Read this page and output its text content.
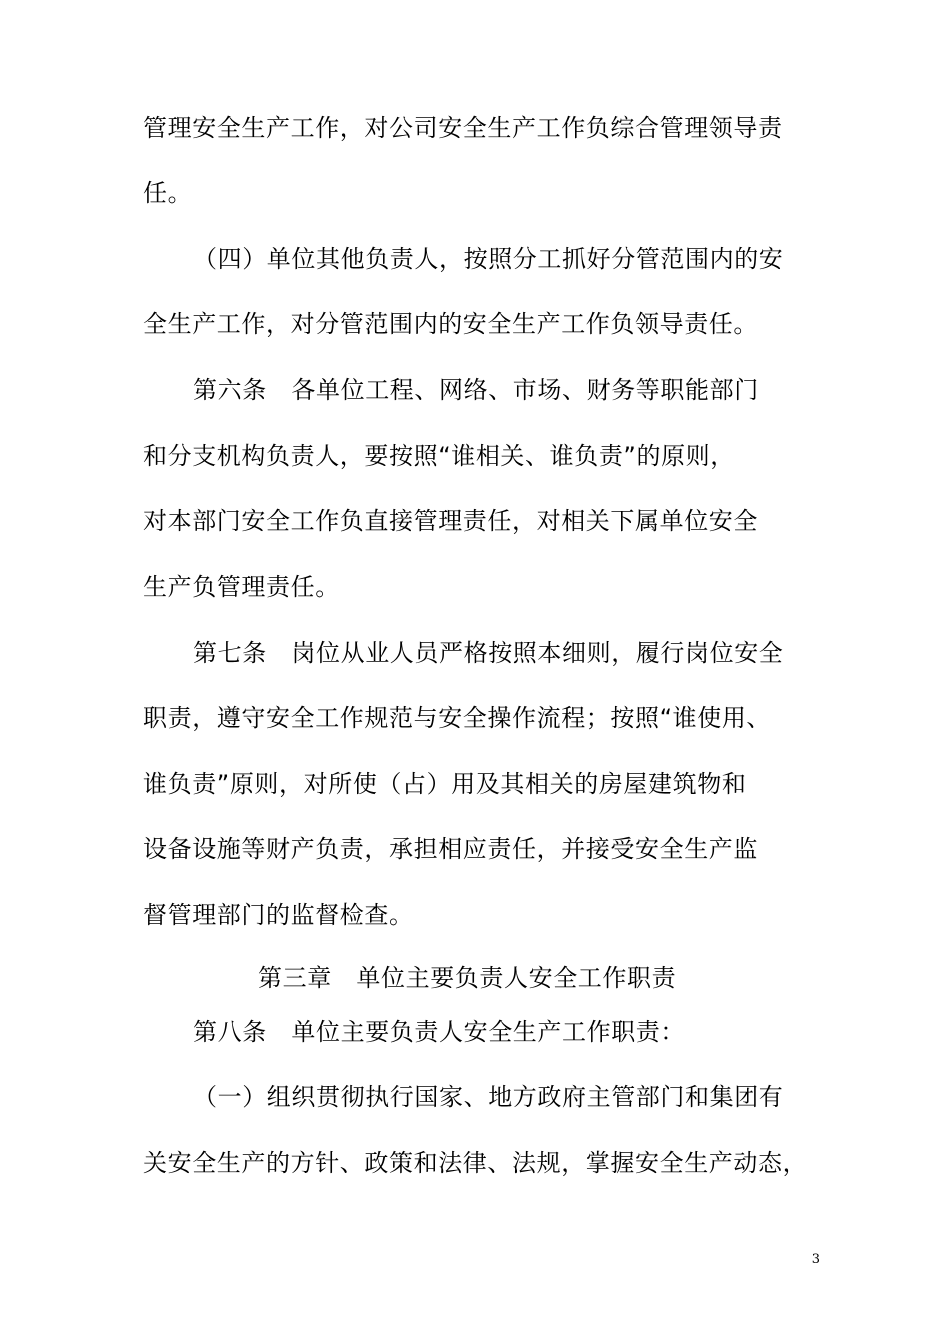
管理安全生产工作，对公司安全生产工作负综合管理领导责
任。
（四）单位其他负责人，按照分工抓好分管范围内的安
全生产工作，对分管范围内的安全生产工作负领导责任。
第六条　各单位工程、网络、市场、财务等职能部门
和分支机构负责人，要按照“谁相关、谁负责”的原则，
对本部门安全工作负直接管理责任，对相关下属单位安全
生产负管理责任。
第七条　岗位从业人员严格按照本细则，履行岗位安全
职责，遵守安全工作规范与安全操作流程；按照“谁使用、
谁负责”原则，对所使（占）用及其相关的房屋建筑物和
设备设施等财产负责，承担相应责任，并接受安全生产监
督管理部门的监督检查。
第三章　单位主要负责人安全工作职责
第八条　单位主要负责人安全生产工作职责：
（一）组织贯彻执行国家、地方政府主管部门和集团有
关安全生产的方针、政策和法律、法规，掌握安全生产动态，
3
